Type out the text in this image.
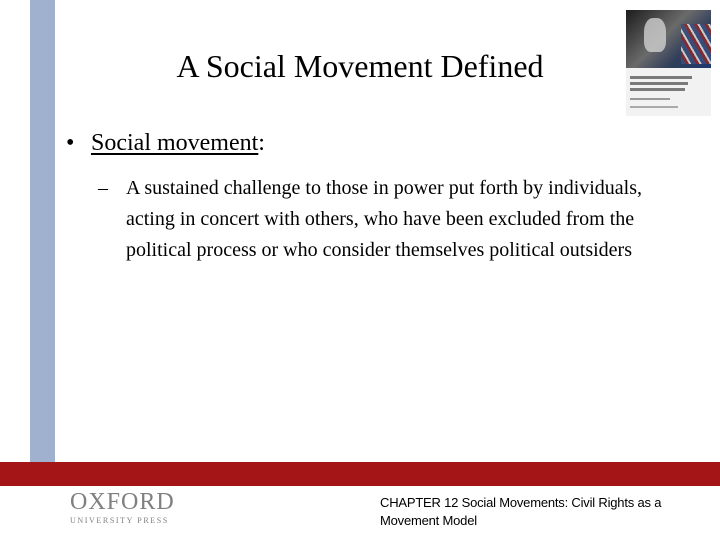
A Social Movement Defined
• Social movement:
– A sustained challenge to those in power put forth by individuals, acting in concert with others, who have been excluded from the political process or who consider themselves political outsiders
OXFORD
UNIVERSITY PRESS
CHAPTER 12 Social Movements: Civil Rights as a Movement Model
